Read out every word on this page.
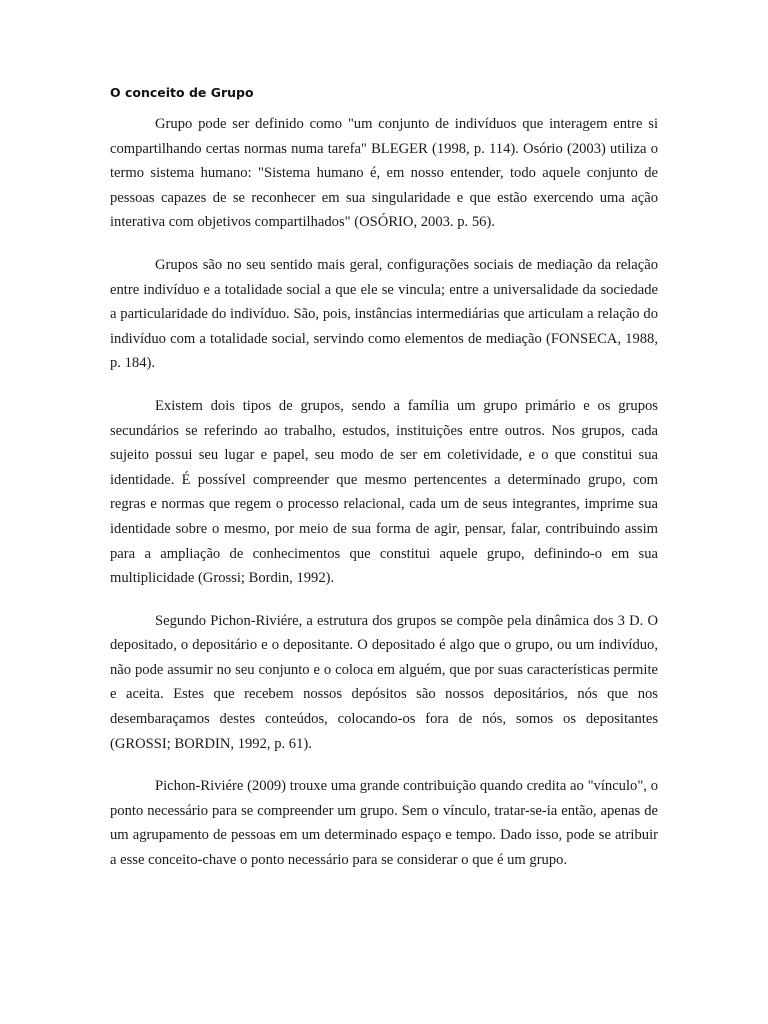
O conceito de Grupo

Grupo pode ser definido como "um conjunto de indivíduos que interagem entre si compartilhando certas normas numa tarefa" BLEGER (1998, p. 114). Osório (2003) utiliza o termo sistema humano: "Sistema humano é, em nosso entender, todo aquele conjunto de pessoas capazes de se reconhecer em sua singularidade e que estão exercendo uma ação interativa com objetivos compartilhados" (OSÓRIO, 2003. p. 56).

Grupos são no seu sentido mais geral, configurações sociais de mediação da relação entre indivíduo e a totalidade social a que ele se vincula; entre a universalidade da sociedade a particularidade do indivíduo. São, pois, instâncias intermediárias que articulam a relação do indivíduo com a totalidade social, servindo como elementos de mediação (FONSECA, 1988, p. 184).

Existem dois tipos de grupos, sendo a família um grupo primário e os grupos secundários se referindo ao trabalho, estudos, instituições entre outros. Nos grupos, cada sujeito possui seu lugar e papel, seu modo de ser em coletividade, e o que constitui sua identidade. É possível compreender que mesmo pertencentes a determinado grupo, com regras e normas que regem o processo relacional, cada um de seus integrantes, imprime sua identidade sobre o mesmo, por meio de sua forma de agir, pensar, falar, contribuindo assim para a ampliação de conhecimentos que constitui aquele grupo, definindo-o em sua multiplicidade (Grossi; Bordin, 1992).

Segundo Pichon-Riviére, a estrutura dos grupos se compõe pela dinâmica dos 3 D. O depositado, o depositário e o depositante. O depositado é algo que o grupo, ou um indivíduo, não pode assumir no seu conjunto e o coloca em alguém, que por suas características permite e aceita. Estes que recebem nossos depósitos são nossos depositários, nós que nos desembaraçamos destes conteúdos, colocando-os fora de nós, somos os depositantes (GROSSI; BORDIN, 1992, p. 61).

Pichon-Riviére (2009) trouxe uma grande contribuição quando credita ao "vínculo", o ponto necessário para se compreender um grupo. Sem o vínculo, tratar-se-ia então, apenas de um agrupamento de pessoas em um determinado espaço e tempo. Dado isso, pode se atribuir a esse conceito-chave o ponto necessário para se considerar o que é um grupo.
